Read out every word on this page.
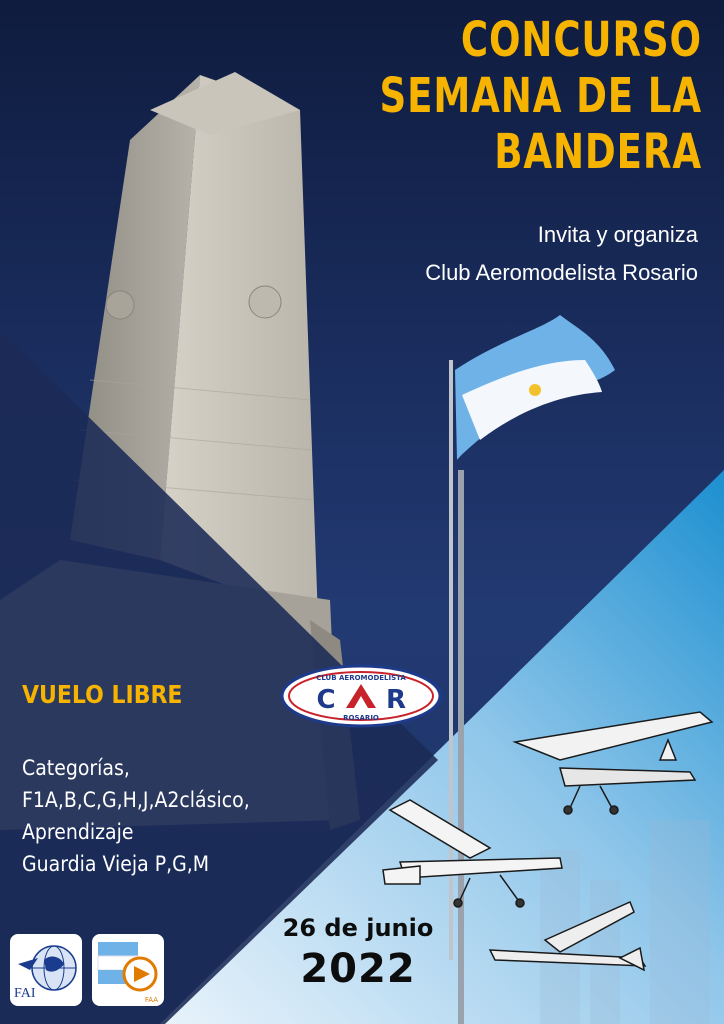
CONCURSO
SEMANA DE LA
BANDERA
Invita y organiza
Club Aeromodelista Rosario
CLUB AEROMODELISTA
C R
ROSARIO
VUELO LIBRE
Categorías,
F1A,B,C,G,H,J,A2clásico,
Aprendizaje
Guardia Vieja P,G,M
26 de junio
2022
FAI	FAA
